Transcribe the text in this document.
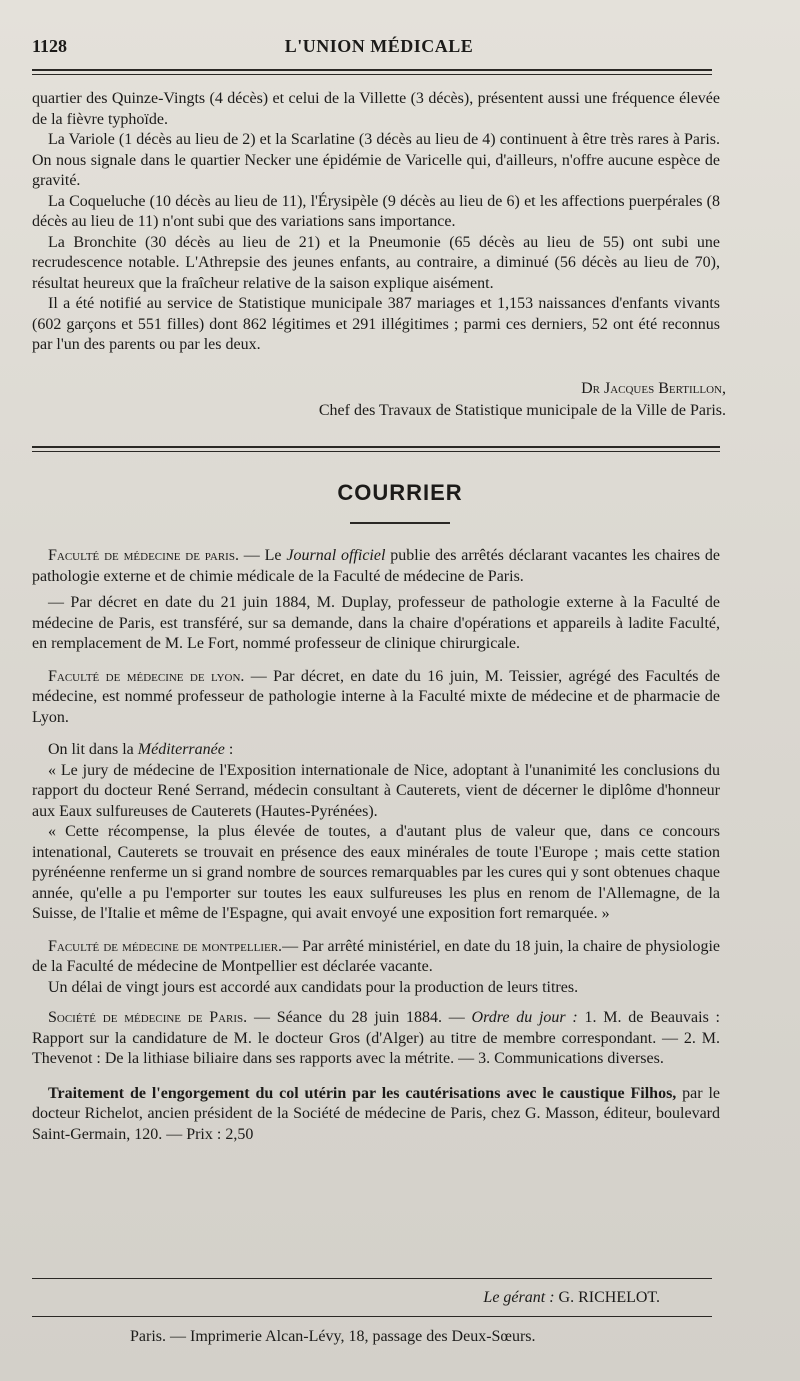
1128	L'UNION MÉDICALE

quartier des Quinze-Vingts (4 décès) et celui de la Villette (3 décès), présentent aussi une fréquence élevée de la fièvre typhoïde.

La Variole (1 décès au lieu de 2) et la Scarlatine (3 décès au lieu de 4) continuent à être très rares à Paris. On nous signale dans le quartier Necker une épidémie de Varicelle qui, d'ailleurs, n'offre aucune espèce de gravité.

La Coqueluche (10 décès au lieu de 11), l'Érysipèle (9 décès au lieu de 6) et les affections puerpérales (8 décès au lieu de 11) n'ont subi que des variations sans importance.

La Bronchite (30 décès au lieu de 21) et la Pneumonie (65 décès au lieu de 55) ont subi une recrudescence notable. L'Athrepsie des jeunes enfants, au contraire, a diminué (56 décès au lieu de 70), résultat heureux que la fraîcheur relative de la saison explique aisément.

Il a été notifié au service de Statistique municipale 387 mariages et 1,153 naissances d'enfants vivants (602 garçons et 551 filles) dont 862 légitimes et 291 illégitimes ; parmi ces derniers, 52 ont été reconnus par l'un des parents ou par les deux.

Dr Jacques Bertillon,
Chef des Travaux de Statistique municipale de la Ville de Paris.
COURRIER

Faculté de médecine de paris. — Le Journal officiel publie des arrêtés déclarant vacantes les chaires de pathologie externe et de chimie médicale de la Faculté de médecine de Paris.

— Par décret en date du 21 juin 1884, M. Duplay, professeur de pathologie externe à la Faculté de médecine de Paris, est transféré, sur sa demande, dans la chaire d'opérations et appareils à ladite Faculté, en remplacement de M. Le Fort, nommé professeur de clinique chirurgicale.

Faculté de médecine de lyon. — Par décret, en date du 16 juin, M. Teissier, agrégé des Facultés de médecine, est nommé professeur de pathologie interne à la Faculté mixte de médecine et de pharmacie de Lyon.

On lit dans la Méditerranée :

« Le jury de médecine de l'Exposition internationale de Nice, adoptant à l'unanimité les conclusions du rapport du docteur René Serrand, médecin consultant à Cauterets, vient de décerner le diplôme d'honneur aux Eaux sulfureuses de Cauterets (Hautes-Pyrénées).

« Cette récompense, la plus élevée de toutes, a d'autant plus de valeur que, dans ce concours intenational, Cauterets se trouvait en présence des eaux minérales de toute l'Europe ; mais cette station pyrénéenne renferme un si grand nombre de sources remarquables par les cures qui y sont obtenues chaque année, qu'elle a pu l'emporter sur toutes les eaux sulfureuses les plus en renom de l'Allemagne, de la Suisse, de l'Italie et même de l'Espagne, qui avait envoyé une exposition fort remarquée. »

Faculté de médecine de montpellier.— Par arrêté ministériel, en date du 18 juin, la chaire de physiologie de la Faculté de médecine de Montpellier est déclarée vacante.

Un délai de vingt jours est accordé aux candidats pour la production de leurs titres.

Société de médecine de Paris. — Séance du 28 juin 1884. — Ordre du jour : 1. M. de Beauvais : Rapport sur la candidature de M. le docteur Gros (d'Alger) au titre de membre correspondant. — 2. M. Thevenot : De la lithiase biliaire dans ses rapports avec la métrite. — 3. Communications diverses.

Traitement de l'engorgement du col utérin par les cautérisations avec le caustique Filhos, par le docteur Richelot, ancien président de la Société de médecine de Paris, chez G. Masson, éditeur, boulevard Saint-Germain, 120. — Prix : 2,50

Le gérant : G. RICHELOT.
Paris. — Imprimerie Alcan-Lévy, 18, passage des Deux-Sœurs.
